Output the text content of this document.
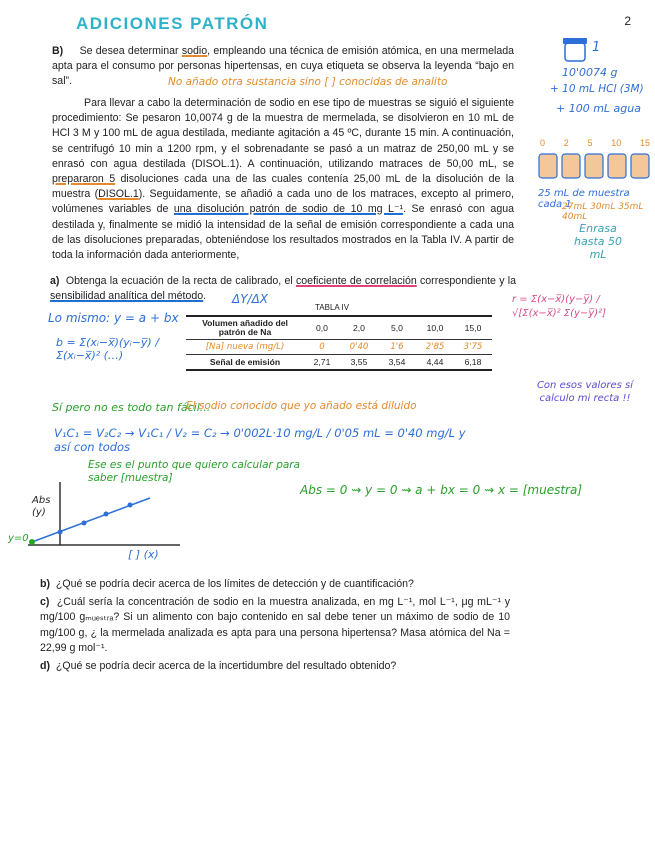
ADICIONES PATRÓN	2

B) Se desea determinar sodio, empleando una técnica de emisión atómica, en una mermelada apta para el consumo por personas hipertensas, en cuya etiqueta se observa la leyenda “bajo en sal”.	No añado otra sustancia sino [ ] conocidas de analito

Para llevar a cabo la determinación de sodio en ese tipo de muestras se siguió el siguiente procedimiento: Se pesaron 10,0074 g de la muestra de mermelada, se disolvieron en 10 mL de HCl 3 M y 100 mL de agua destilada, mediante agitación a 45 ºC, durante 15 min. A continuación, se centrifugó 10 min a 1200 rpm, y el sobrenadante se pasó a un matraz de 250,00 mL y se enrasó con agua destilada (DISOL.1). A continuación, utilizando matraces de 50,00 mL, se prepararon 5 disoluciones cada una de las cuales contenía 25,00 mL de la disolución de la muestra (DISOL.1). Seguidamente, se añadió a cada uno de los matraces, excepto al primero, volúmenes variables de una disolución patrón de sodio de 10 mg L⁻¹. Se enrasó con agua destilada y, finalmente se midió la intensidad de la señal de emisión correspondiente a cada una de las disoluciones preparadas, obteniéndose los resultados mostrados en la Tabla IV. A partir de toda la información dada anteriormente,

a) Obtenga la ecuación de la recta de calibrado, el coeficiente de correlación correspondiente y la sensibilidad analítica del método.	ΔY/ΔX
TABLA IV
Volumen añadido del patrón de Na	0,0	2,0	5,0	10,0	15,0
[Na] nueva (mg/L)	0	0'40	1'6	2'85	3'75
Señal de emisión	2,71	3,55	3,54	4,44	6,18
Lo mismo: y = a + bx
b = Σ(xᵢ−x̅)(yᵢ−y̅) / Σ(xᵢ−x̅)² (…)
r = Σ(x−x̅)(y−y̅) / √[Σ(x−x̅)² Σ(y−y̅)²]
Con esos valores sí calculo mi recta !!
Sí pero no es todo tan fácil...
El sodio conocido que yo añado está diluido
V₁C₁ = V₂C₂ → V₁C₁ / V₂ = C₂ → 0'002L·10 mg/L / 0'05 mL = 0'40 mg/L y así con todos
Ese es el punto que quiero calcular para saber [muestra]
Abs = 0 ⇝ y = 0 ⇝ a + bx = 0 ⇝ x = [muestra]
Abs (y)
[ ] (x)
y=0
1
10'0074 g
+ 10 mL HCl (3M)
+ 100 mL agua
0 2 5 10 15
25 mL de muestra cada 1
27mL 30mL 35mL 40mL
Enrasa hasta 50 mL

b) ¿Qué se podría decir acerca de los límites de detección y de cuantificación?

c) ¿Cuál sería la concentración de sodio en la muestra analizada, en mg L⁻¹, mol L⁻¹, μg mL⁻¹ y mg/100 gₘᵤₑₛₜᵣₐ? Si un alimento con bajo contenido en sal debe tener un máximo de sodio de 10 mg/100 g, ¿ la mermelada analizada es apta para una persona hipertensa? Masa atómica del Na = 22,99 g mol⁻¹.

d) ¿Qué se podría decir acerca de la incertidumbre del resultado obtenido?
